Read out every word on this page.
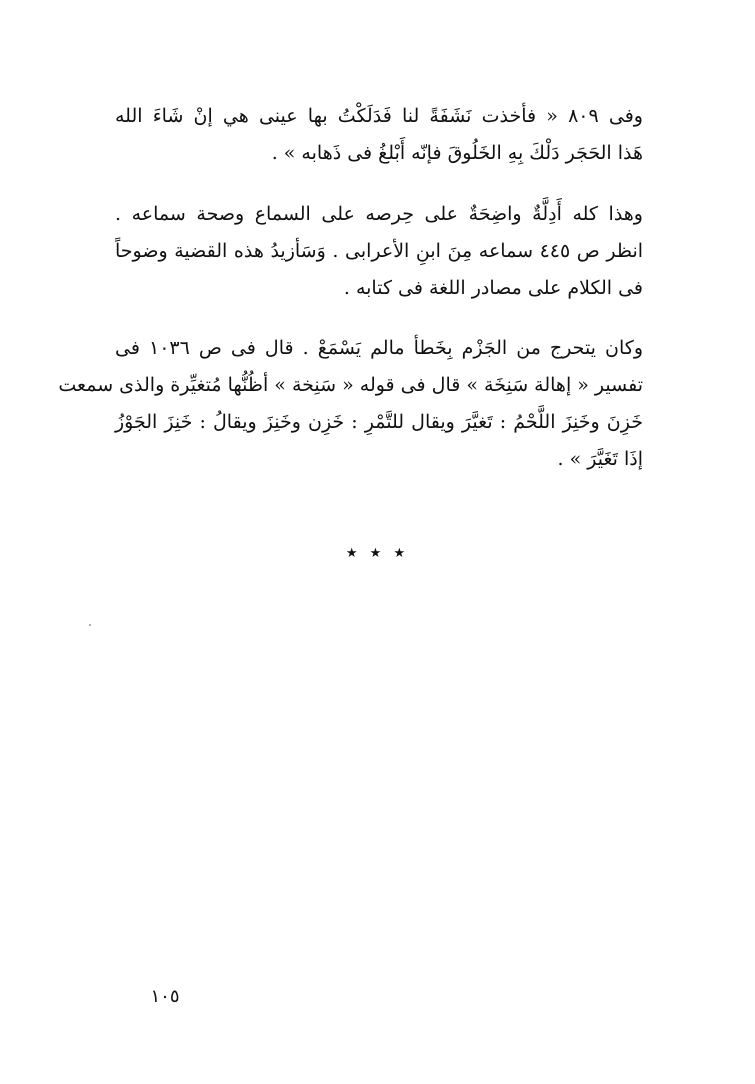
وفى ٨٠٩ « فأخذت نَشَفَةً لنا فَدَلَكْتُ بها عينى هي إنْ شَاءَ الله
هَذا الحَجَر دَلْكَ بِهِ الخَلُوقَ فإنّه أَبْلغُ فى ذَهابه » .
وهذا كله أَدِلَّةٌ واضِحَةٌ على حِرصه على السماع وصحة سماعه .
انظر ص ٤٤٥ سماعه مِنَ ابنِ الأعرابى . وَسَأزيدُ هذه القضية وضوحاً
فى الكلام على مصادر اللغة فى كتابه .
وكان يتحرج من الجَزْم بِخَطأ مالم يَسْمَعْ . قال فى ص ١٠٣٦ فى
تفسير « إهالة سَنِخَة » قال فى قوله « سَنِخة » أظُنُّها مُتغيِّرة والذى سمعت
خَزِنَ وخَنِزَ اللَّحْمُ : تَغيَّرَ ويقال للتَّمْرِ : خَزِن وخَنِزَ ويقالُ : خَنِزَ الجَوْزُ
إذَا تَغَيَّرَ » .
★ ★ ★
١٠٥
